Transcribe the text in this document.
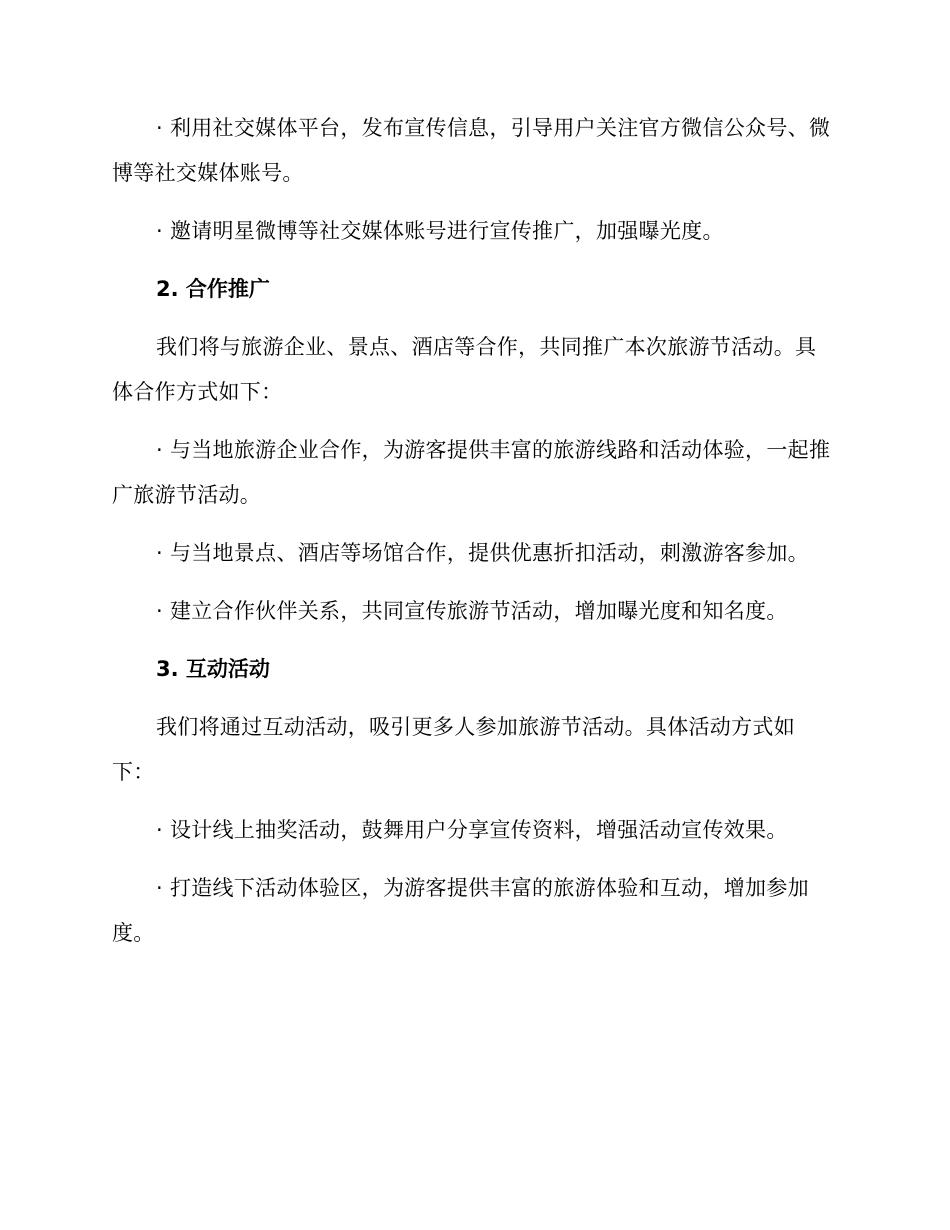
· 利用社交媒体平台，发布宣传信息，引导用户关注官方微信公众号、微博等社交媒体账号。

· 邀请明星微博等社交媒体账号进行宣传推广，加强曝光度。

2. 合作推广

我们将与旅游企业、景点、酒店等合作，共同推广本次旅游节活动。具体合作方式如下：

· 与当地旅游企业合作，为游客提供丰富的旅游线路和活动体验，一起推广旅游节活动。

· 与当地景点、酒店等场馆合作，提供优惠折扣活动，刺激游客参加。

· 建立合作伙伴关系，共同宣传旅游节活动，增加曝光度和知名度。

3. 互动活动

我们将通过互动活动，吸引更多人参加旅游节活动。具体活动方式如下：

· 设计线上抽奖活动，鼓舞用户分享宣传资料，增强活动宣传效果。

· 打造线下活动体验区，为游客提供丰富的旅游体验和互动，增加参加度。
